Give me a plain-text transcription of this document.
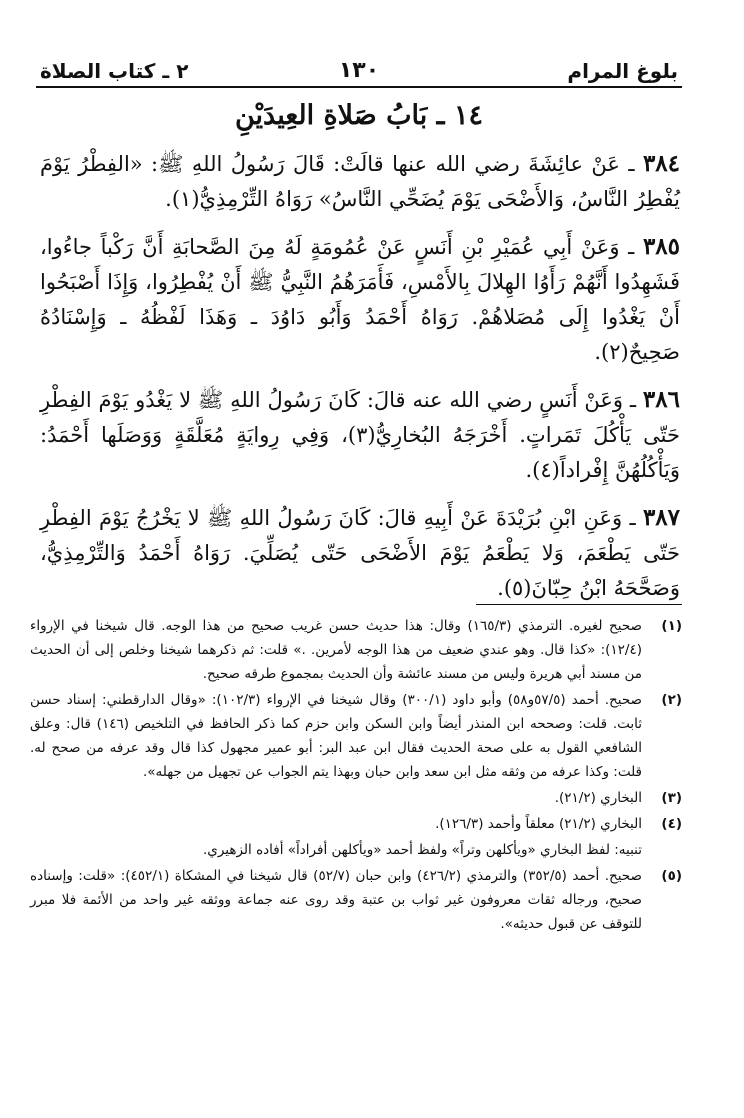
بلوغ المرام
١٣٠
٢ ـ كتاب الصلاة
١٤ ـ بَابُ صَلاةِ العِيدَيْنِ

٣٨٤ ـ عَنْ عائِشَةَ رضي الله عنها قالَتْ: قَالَ رَسُولُ اللهِ ﷺ: «الفِطْرُ يَوْمَ يُفْطِرُ النَّاسُ، وَالأَضْحَى يَوْمَ يُضَحِّي النَّاسُ» رَوَاهُ التِّرْمِذِيُّ(١).

٣٨٥ ـ وَعَنْ أَبِي عُمَيْرِ بْنِ أَنَسٍ عَنْ عُمُومَةٍ لَهُ مِنَ الصَّحابَةِ أَنَّ رَكْباً جاءُوا، فَشَهِدُوا أَنَّهُمْ رَأَوُا الهِلالَ بِالأَمْسِ، فَأَمَرَهُمُ النَّبِيُّ ﷺ أَنْ يُفْطِرُوا، وَإِذَا أَصْبَحُوا أَنْ يَغْدُوا إِلَى مُصَلاهُمْ. رَوَاهُ أَحْمَدُ وَأَبُو دَاوُدَ ـ وَهَذَا لَفْظُهُ ـ وَإِسْنَادُهُ صَحِيحٌ(٢).

٣٨٦ ـ وَعَنْ أَنَسٍ رضي الله عنه قالَ: كَانَ رَسُولُ اللهِ ﷺ لا يَغْدُو يَوْمَ الفِطْرِ حَتّى يَأْكُلَ تَمَراتٍ. أَخْرَجَهُ البُخارِيُّ(٣)، وَفِي رِوايَةٍ مُعَلَّقَةٍ وَوَصَلَها أَحْمَدُ: وَيَأْكُلُهُنَّ إِفْراداً(٤).

٣٨٧ ـ وَعَنِ ابْنِ بُرَيْدَةَ عَنْ أَبِيهِ قالَ: كَانَ رَسُولُ اللهِ ﷺ لا يَخْرُجُ يَوْمَ الفِطْرِ حَتّى يَطْعَمَ، وَلا يَطْعَمُ يَوْمَ الأَضْحَى حَتّى يُصَلِّيَ. رَوَاهُ أَحْمَدُ وَالتِّرْمِذِيُّ، وَصَحَّحَهُ ابْنُ حِبّانَ(٥).

(١)
صحيح لغيره. الترمذي (١٦٥/٣) وقال: هذا حديث حسن غريب صحيح من هذا الوجه. قال شيخنا في الإرواء (١٢/٤): «كذا قال. وهو عندي ضعيف من هذا الوجه لأمرين. .» قلت: ثم ذكرهما شيخنا وخلص إلى أن الحديث من مسند أبي هريرة وليس من مسند عائشة وأن الحديث بمجموع طرقه صحيح.
(٢)
صحيح. أحمد (٥٧/٥و٥٨) وأبو داود (٣٠٠/١) وقال شيخنا في الإرواء (١٠٢/٣): «وقال الدارقطني: إسناد حسن ثابت. قلت: وصححه ابن المنذر أيضاً وابن السكن وابن حزم كما ذكر الحافظ في التلخيص (١٤٦) قال: وعلق الشافعي القول به على صحة الحديث فقال ابن عبد البر: أبو عمير مجهول كذا قال وقد عرفه من صحح له. قلت: وكذا عرفه من وثقه مثل ابن سعد وابن حبان وبهذا يتم الجواب عن تجهيل من جهله».
(٣)
البخاري (٢١/٢).
(٤)
البخاري (٢١/٢) معلقاً وأحمد (١٢٦/٣).
تنبيه: لفظ البخاري «ويأكلهن وتراً» ولفظ أحمد «ويأكلهن أفراداً» أفاده الزهيري.
(٥)
صحيح. أحمد (٣٥٢/٥) والترمذي (٤٢٦/٢) وابن حبان (٥٢/٧) قال شيخنا في المشكاة (٤٥٢/١): «قلت: وإسناده صحيح، ورجاله ثقات معروفون غير ثواب بن عتبة وقد روى عنه جماعة ووثقه غير واحد من الأئمة فلا مبرر للتوقف عن قبول حديثه».
